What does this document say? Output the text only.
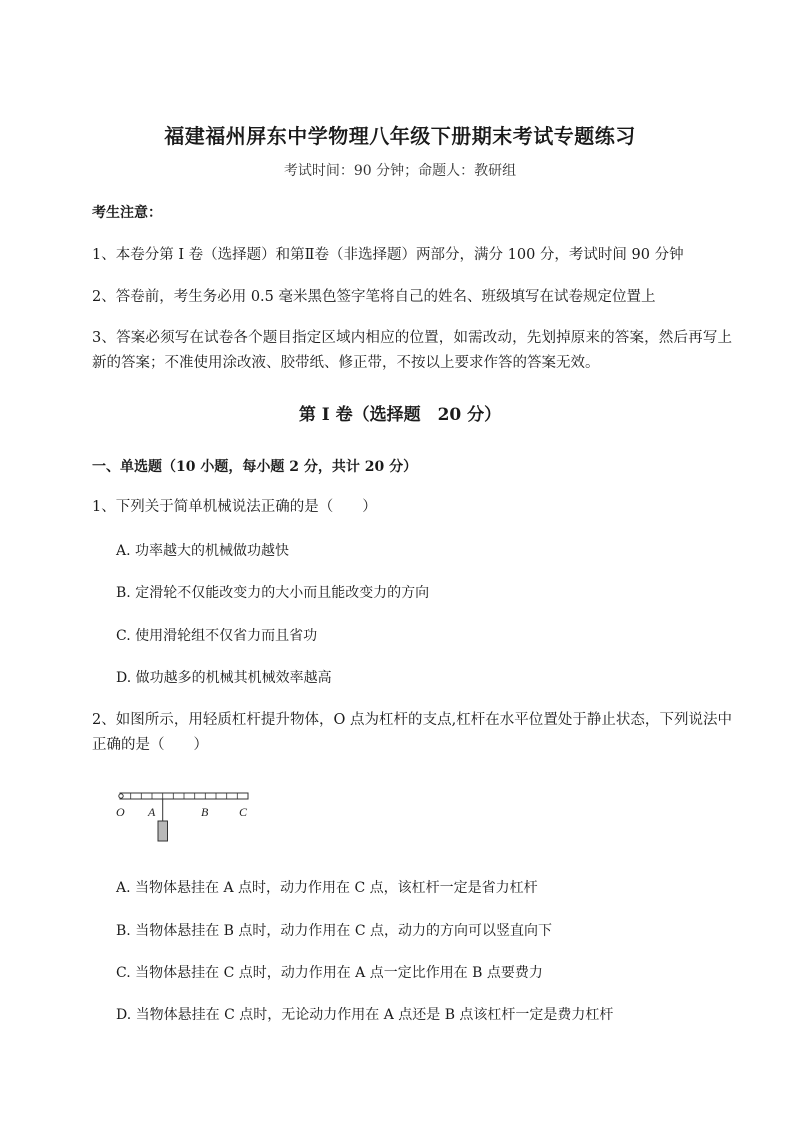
福建福州屏东中学物理八年级下册期末考试专题练习
考试时间：90 分钟；命题人：教研组
考生注意：
1、本卷分第 I 卷（选择题）和第Ⅱ卷（非选择题）两部分，满分 100 分，考试时间 90 分钟
2、答卷前，考生务必用 0.5 毫米黑色签字笔将自己的姓名、班级填写在试卷规定位置上
3、答案必须写在试卷各个题目指定区域内相应的位置，如需改动，先划掉原来的答案，然后再写上新的答案；不准使用涂改液、胶带纸、修正带，不按以上要求作答的答案无效。
第 I 卷（选择题　20 分）
一、单选题（10 小题，每小题 2 分，共计 20 分）
1、下列关于简单机械说法正确的是（　　）
A. 功率越大的机械做功越快
B. 定滑轮不仅能改变力的大小而且能改变力的方向
C. 使用滑轮组不仅省力而且省功
D. 做功越多的机械其机械效率越高
2、如图所示，用轻质杠杆提升物体，O 点为杠杆的支点,杠杆在水平位置处于静止状态，下列说法中正确的是（　　）
O A	B	C
A. 当物体悬挂在 A 点时，动力作用在 C 点，该杠杆一定是省力杠杆
B. 当物体悬挂在 B 点时，动力作用在 C 点，动力的方向可以竖直向下
C. 当物体悬挂在 C 点时，动力作用在 A 点一定比作用在 B 点要费力
D. 当物体悬挂在 C 点时，无论动力作用在 A 点还是 B 点该杠杆一定是费力杠杆
